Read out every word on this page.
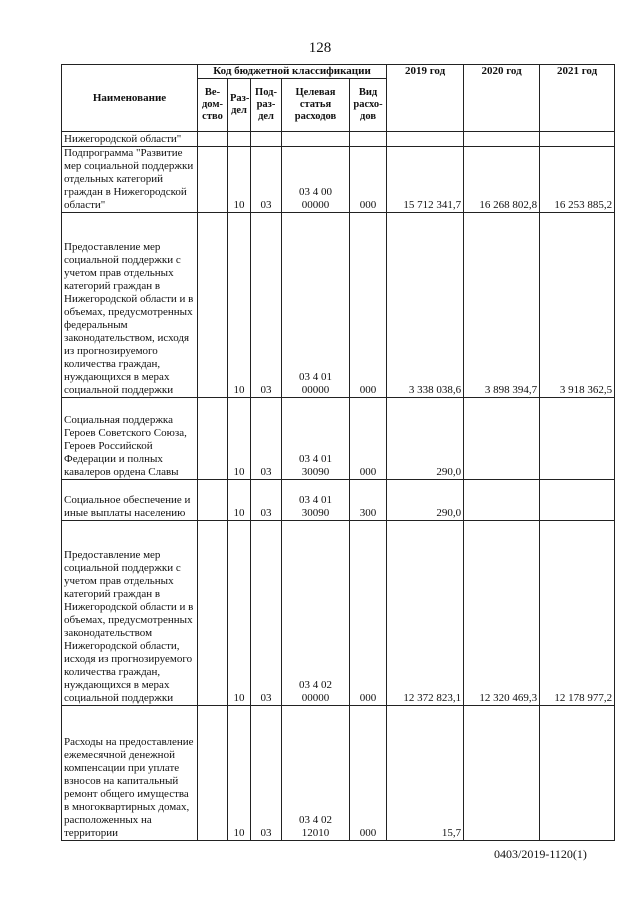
128
Наименование	Код бюджетной классификации					2019 год	2020 год	2021 год
	Ве-дом-ство	Раз-дел	Под-раз-дел	Целевая статья расходов	Вид расхо-дов			
Нижегородской области"								
Подпрограмма "Развитие мер социальной поддержки отдельных категорий граждан в Нижегородской области"		10	03	03 4 00 00000	000	15 712 341,7	16 268 802,8	16 253 885,2
Предоставление мер социальной поддержки с учетом прав отдельных категорий граждан в Нижегородской области и в объемах, предусмотренных федеральным законодательством, исходя из прогнозируемого количества граждан, нуждающихся в мерах социальной поддержки		10	03	03 4 01 00000	000	3 338 038,6	3 898 394,7	3 918 362,5
Социальная поддержка Героев Советского Союза, Героев Российской Федерации и полных кавалеров ордена Славы		10	03	03 4 01 30090	000	290,0		
Социальное обеспечение и иные выплаты населению		10	03	03 4 01 30090	300	290,0		
Предоставление мер социальной поддержки с учетом прав отдельных категорий граждан в Нижегородской области и в объемах, предусмотренных законодательством Нижегородской области, исходя из прогнозируемого количества граждан, нуждающихся в мерах социальной поддержки		10	03	03 4 02 00000	000	12 372 823,1	12 320 469,3	12 178 977,2
Расходы на предоставление ежемесячной денежной компенсации при уплате взносов на капитальный ремонт общего имущества в многоквартирных домах, расположенных на территории		10	03	03 4 02 12010	000	15,7		
0403/2019-1120(1)
